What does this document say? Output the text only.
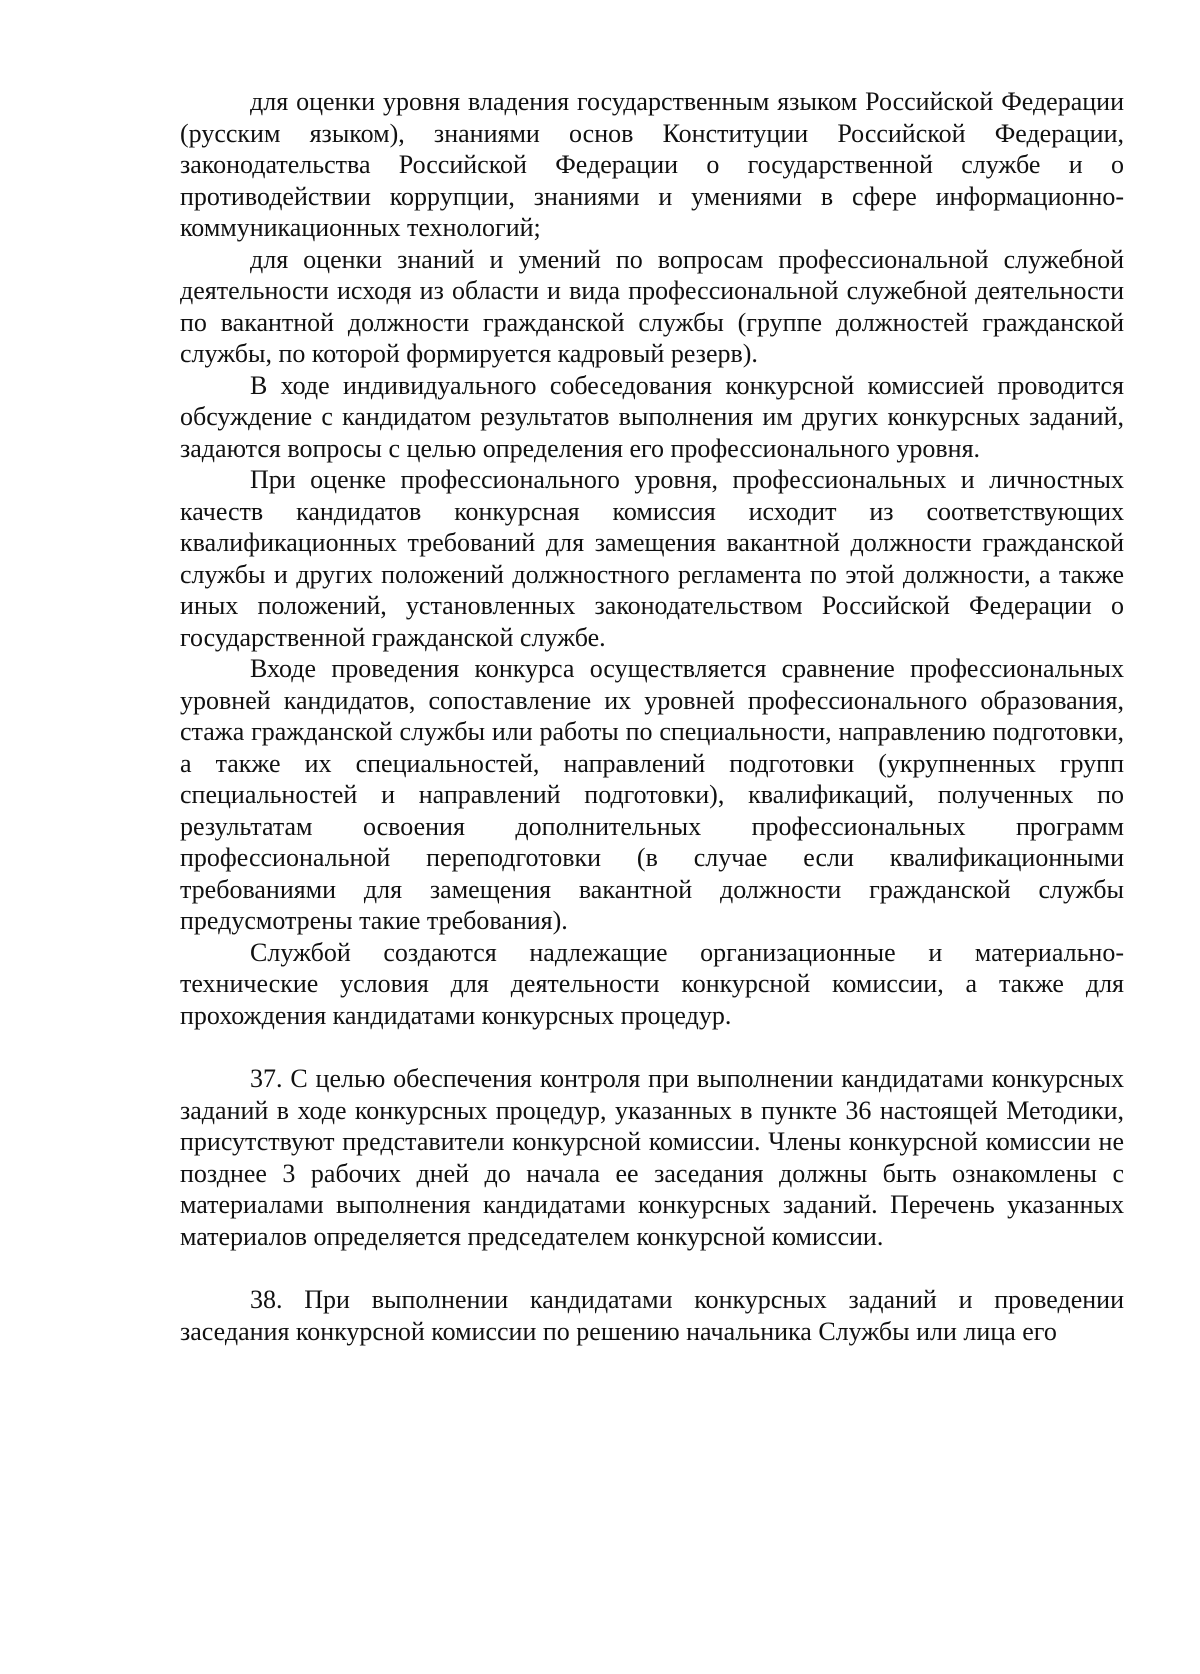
для оценки уровня владения государственным языком Российской Федерации (русским языком), знаниями основ Конституции Российской Федерации, законодательства Российской Федерации о государственной службе и о противодействии коррупции, знаниями и умениями в сфере информационно-коммуникационных технологий;

для оценки знаний и умений по вопросам профессиональной служебной деятельности исходя из области и вида профессиональной служебной деятельности по вакантной должности гражданской службы (группе должностей гражданской службы, по которой формируется кадровый резерв).

В ходе индивидуального собеседования конкурсной комиссией проводится обсуждение с кандидатом результатов выполнения им других конкурсных заданий, задаются вопросы с целью определения его профессионального уровня.

При оценке профессионального уровня, профессиональных и личностных качеств кандидатов конкурсная комиссия исходит из соответствующих квалификационных требований для замещения вакантной должности гражданской службы и других положений должностного регламента по этой должности, а также иных положений, установленных законодательством Российской Федерации о государственной гражданской службе.

Входе проведения конкурса осуществляется сравнение профессиональных уровней кандидатов, сопоставление их уровней профессионального образования, стажа гражданской службы или работы по специальности, направлению подготовки, а также их специальностей, направлений подготовки (укрупненных групп специальностей и направлений подготовки), квалификаций, полученных по результатам освоения дополнительных профессиональных программ профессиональной переподготовки (в случае если квалификационными требованиями для замещения вакантной должности гражданской службы предусмотрены такие требования).

Службой создаются надлежащие организационные и материально-технические условия для деятельности конкурсной комиссии, а также для прохождения кандидатами конкурсных процедур.

37. С целью обеспечения контроля при выполнении кандидатами конкурсных заданий в ходе конкурсных процедур, указанных в пункте 36 настоящей Методики, присутствуют представители конкурсной комиссии. Члены конкурсной комиссии не позднее 3 рабочих дней до начала ее заседания должны быть ознакомлены с материалами выполнения кандидатами конкурсных заданий. Перечень указанных материалов определяется председателем конкурсной комиссии.

38. При выполнении кандидатами конкурсных заданий и проведении заседания конкурсной комиссии по решению начальника Службы или лица его
